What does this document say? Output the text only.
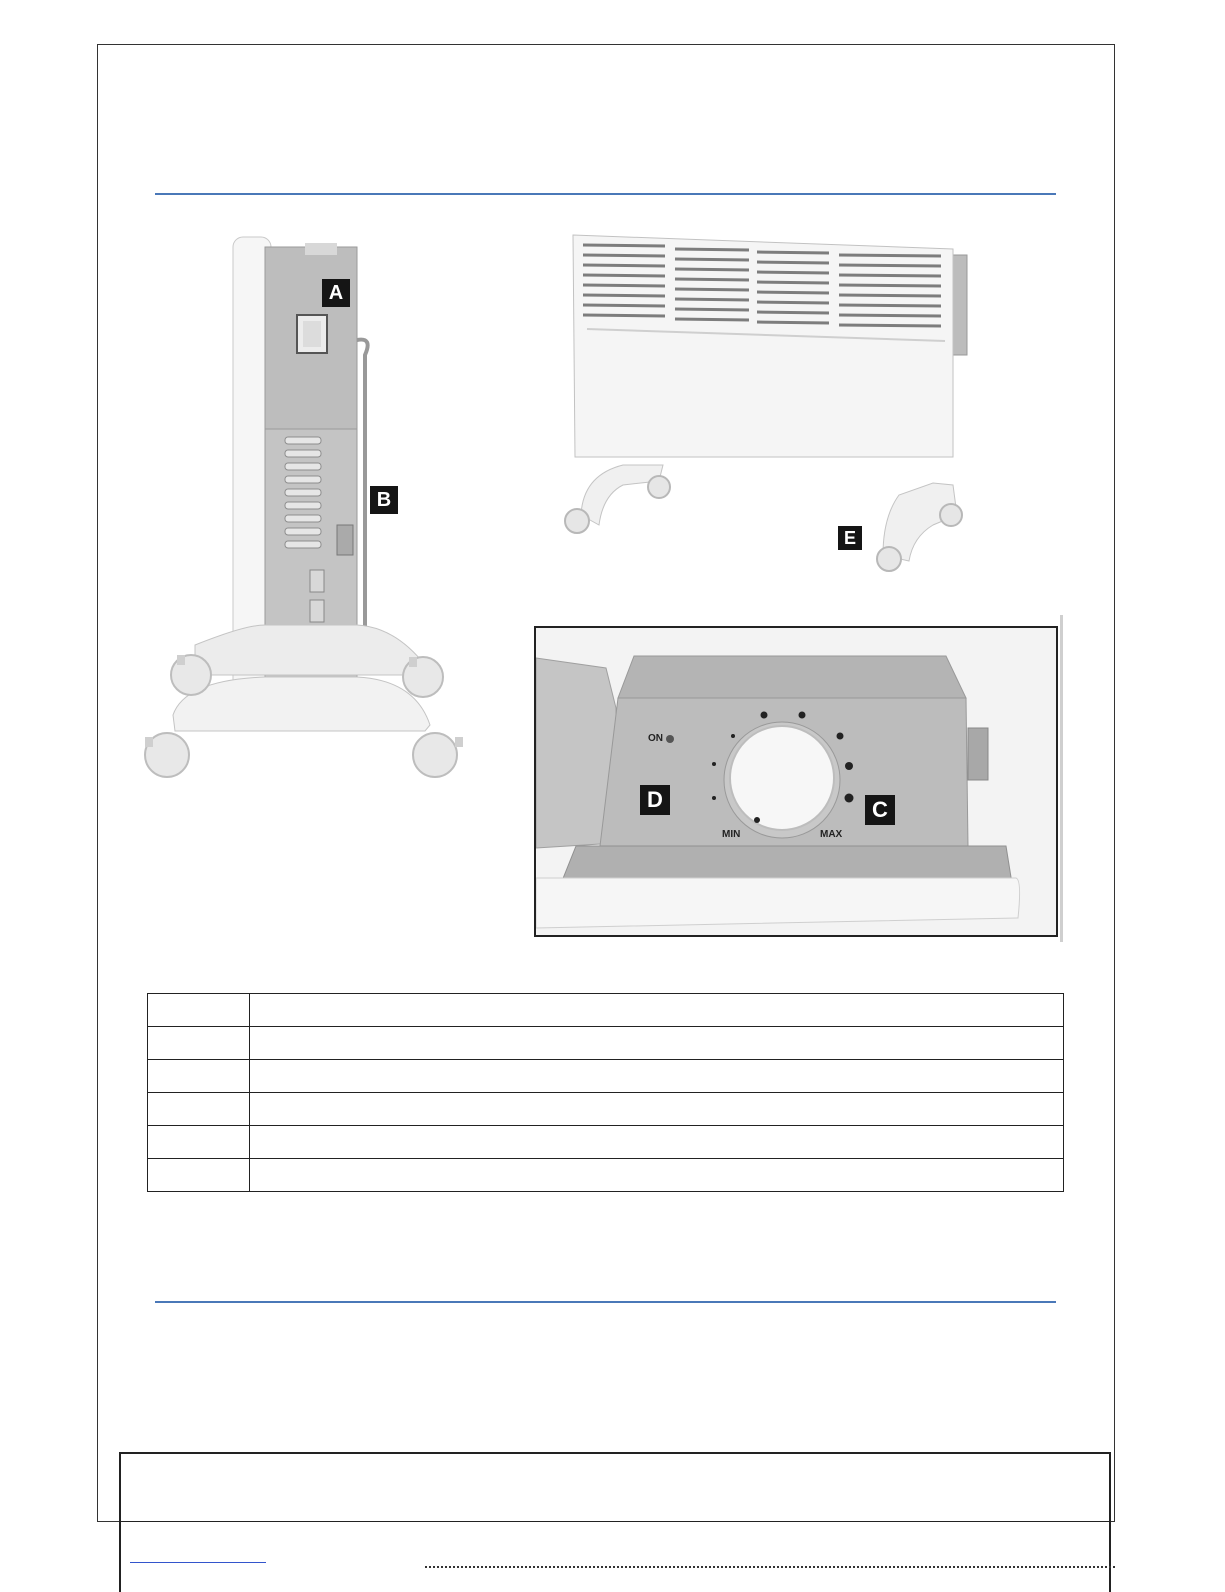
A
B
E
ON
MIN	MAX
D	C
